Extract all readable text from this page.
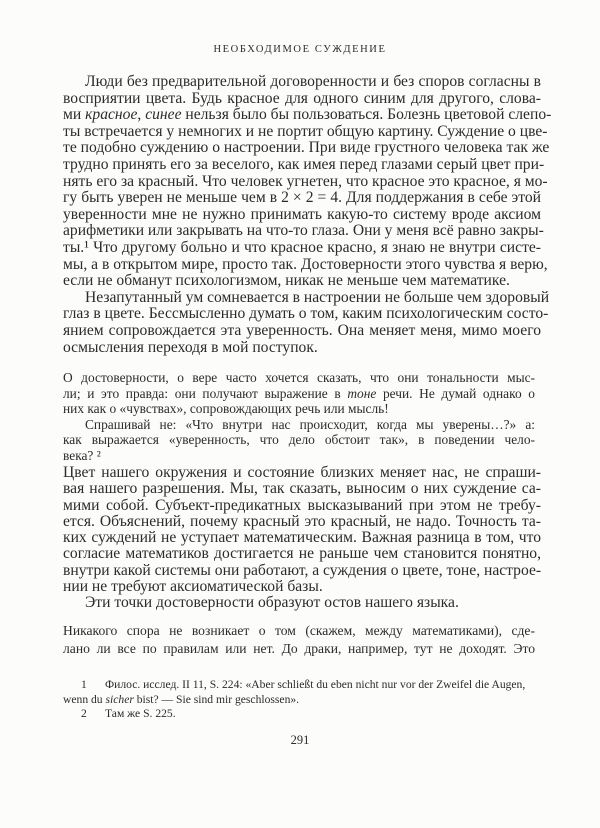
НЕОБХОДИМОЕ СУЖДЕНИЕ
Люди без предварительной договоренности и без споров согласны в
восприятии цвета. Будь красное для одного синим для другого, слова-
ми красное, синее нельзя было бы пользоваться. Болезнь цветовой слепо-
ты встречается у немногих и не портит общую картину. Суждение о цве-
те подобно суждению о настроении. При виде грустного человека так же
трудно принять его за веселого, как имея перед глазами серый цвет при-
нять его за красный. Что человек угнетен, что красное это красное, я мо-
гу быть уверен не меньше чем в 2 × 2 = 4. Для поддержания в себе этой
уверенности мне не нужно принимать какую-то систему вроде аксиом
арифметики или закрывать на что-то глаза. Они у меня всё равно закры-
ты.¹ Что другому больно и что красное красно, я знаю не внутри систе-
мы, а в открытом мире, просто так. Достоверности этого чувства я верю,
если не обманут психологизмом, никак не меньше чем математике.
Незапутанный ум сомневается в настроении не больше чем здоровый
глаз в цвете. Бессмысленно думать о том, каким психологическим состо-
янием сопровождается эта уверенность. Она меняет меня, мимо моего
осмысления переходя в мой поступок.
О достоверности, о вере часто хочется сказать, что они тональности мыс-
ли; и это правда: они получают выражение в тоне речи. Не думай однако о
них как о «чувствах», сопровождающих речь или мысль!
Спрашивай не: «Что внутри нас происходит, когда мы уверены…?» а:
как выражается «уверенность, что дело обстоит так», в поведении чело-
века? ²
Цвет нашего окружения и состояние близких меняет нас, не спраши-
вая нашего разрешения. Мы, так сказать, выносим о них суждение са-
мими собой. Субъект-предикатных высказываний при этом не требу-
ется. Объяснений, почему красный это красный, не надо. Точность та-
ких суждений не уступает математическим. Важная разница в том, что
согласие математиков достигается не раньше чем становится понятно,
внутри какой системы они работают, а суждения о цвете, тоне, настрое-
нии не требуют аксиоматической базы.
Эти точки достоверности образуют остов нашего языка.
Никакого спора не возникает о том (скажем, между математиками), сде-
лано ли все по правилам или нет. До драки, например, тут не доходят. Это
1 Филос. исслед. II 11, S. 224: «Aber schließt du eben nicht nur vor der Zweifel die Augen,
wenn du sicher bist? — Sie sind mir geschlossen».
2 Там же S. 225.
291
